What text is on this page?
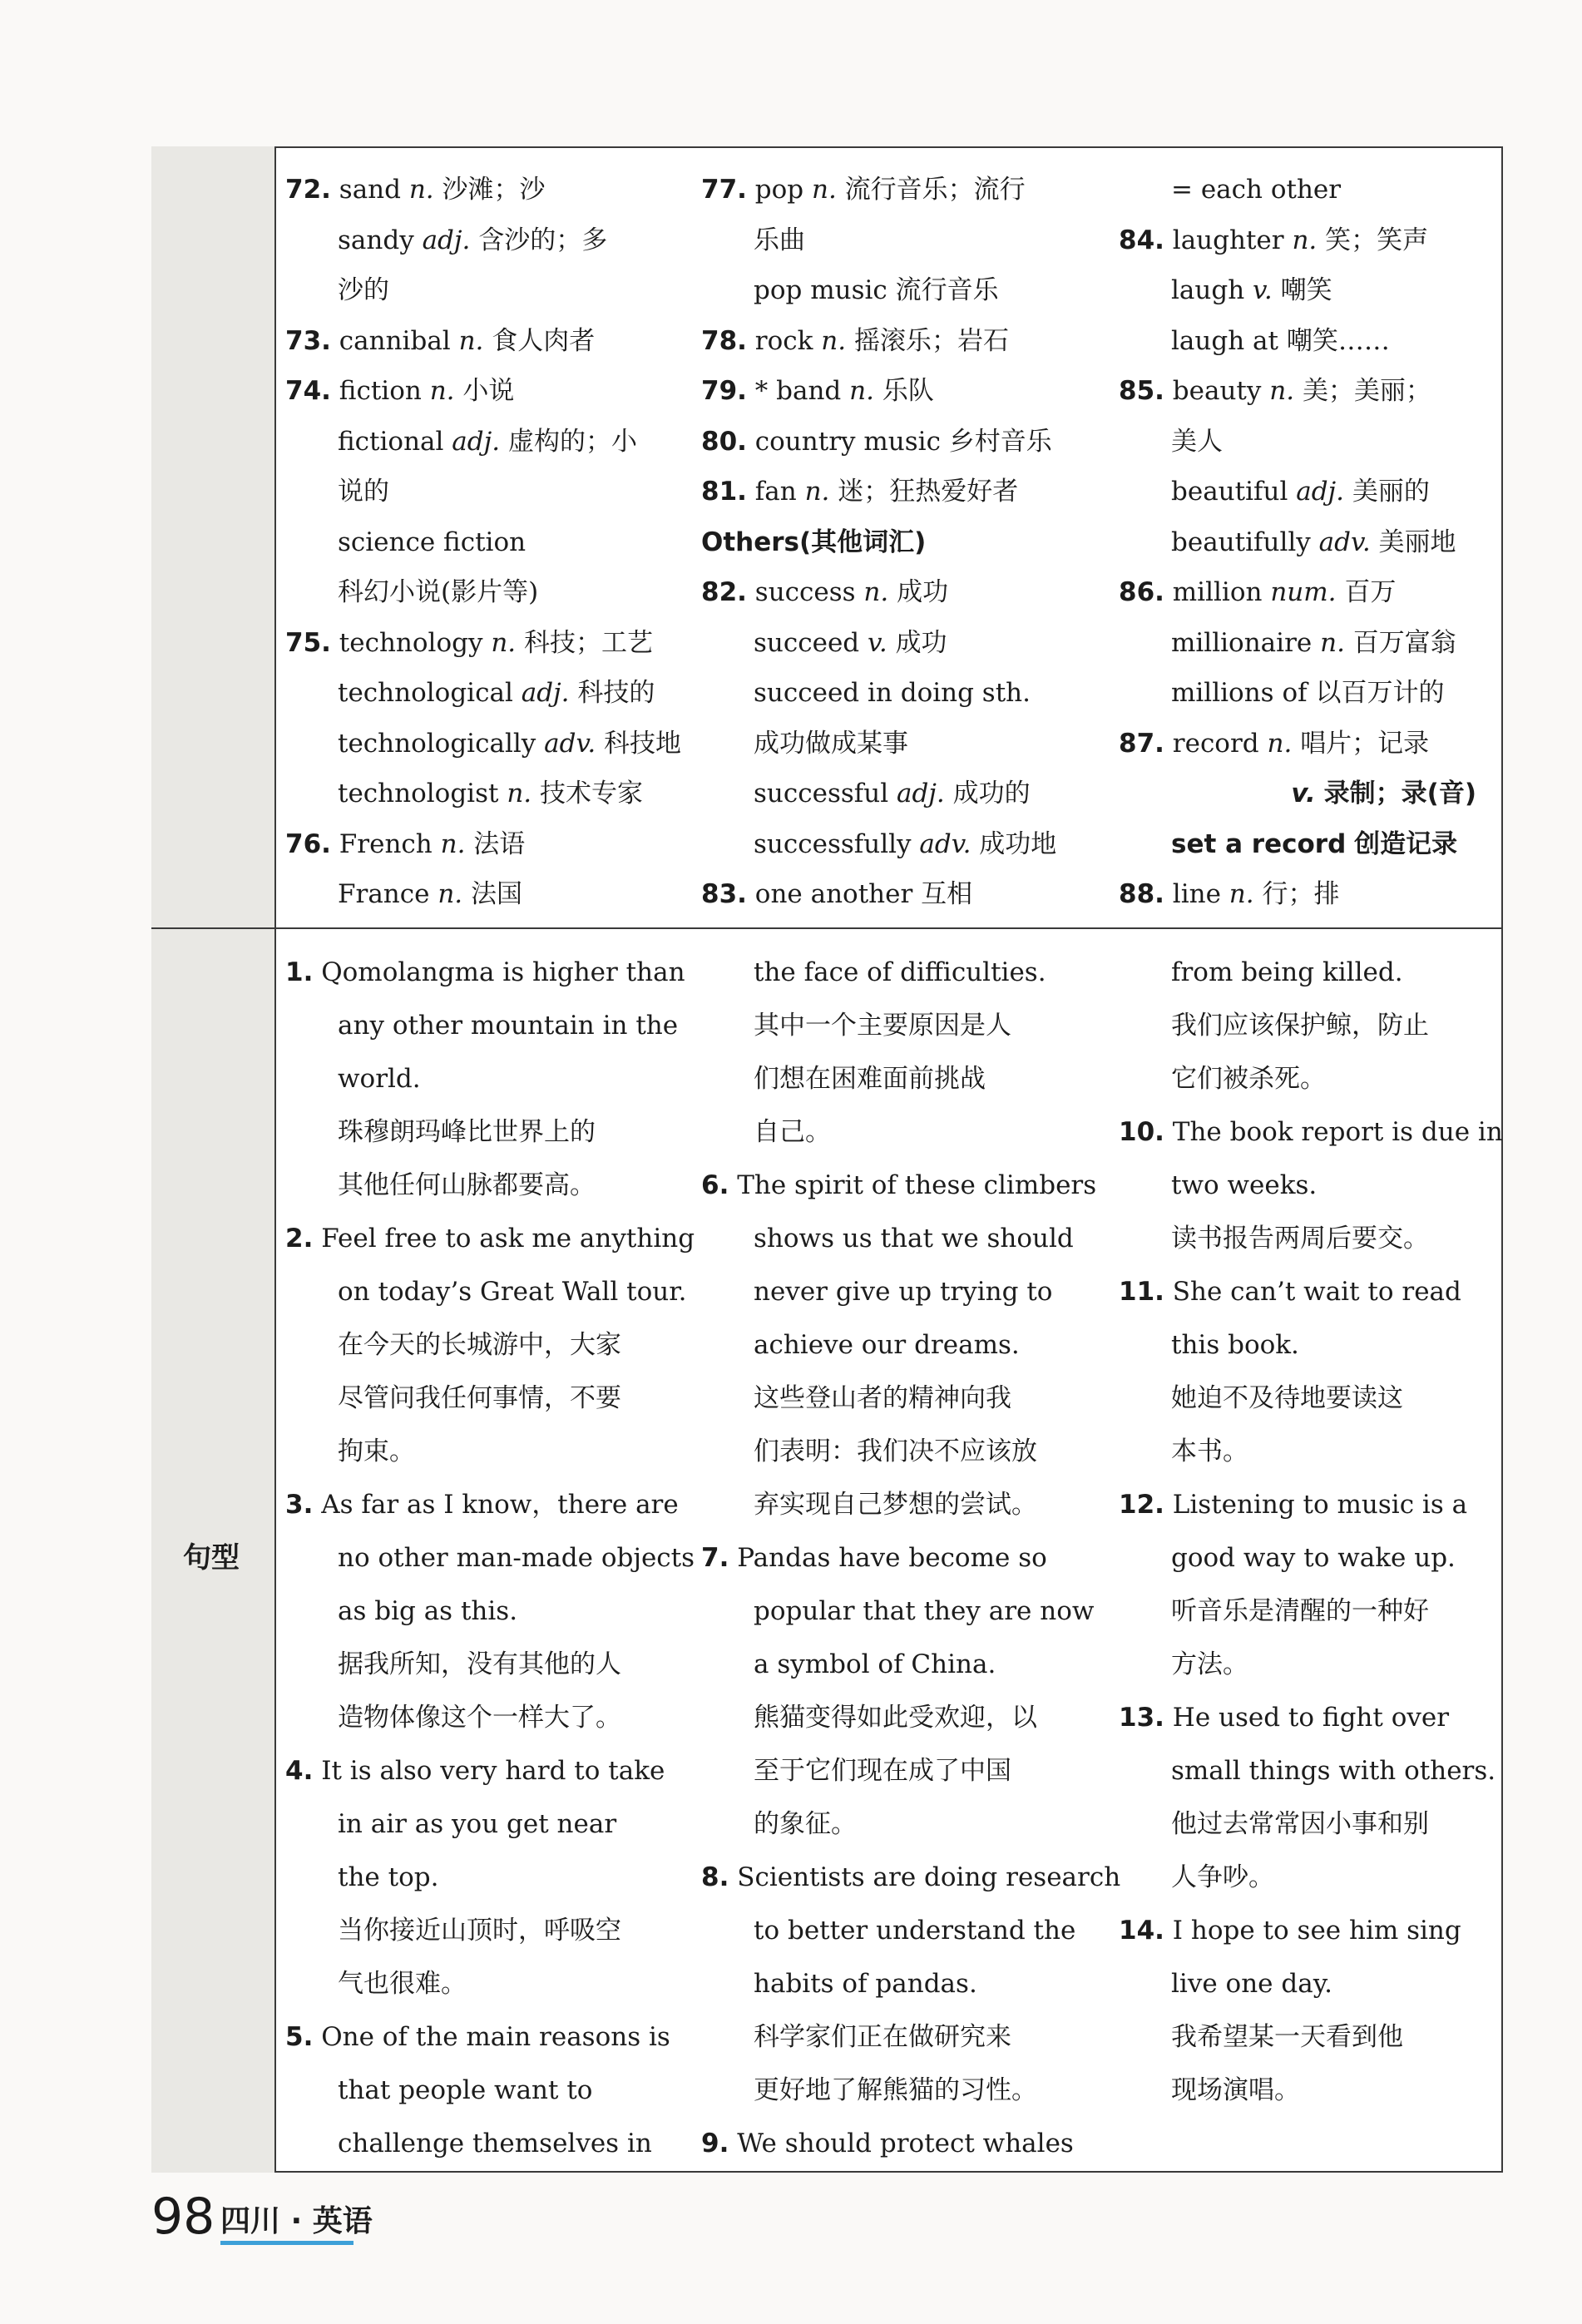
句型
72. sand n. 沙滩；沙
sandy adj. 含沙的；多
沙的
73. cannibal n. 食人肉者
74. fiction n. 小说
fictional adj. 虚构的；小
说的
science fiction
科幻小说(影片等)
75. technology n. 科技；工艺
technological adj. 科技的
technologically adv. 科技地
technologist n. 技术专家
76. French n. 法语
France n. 法国
77. pop n. 流行音乐；流行
乐曲
pop music 流行音乐
78. rock n. 摇滚乐；岩石
79. * band n. 乐队
80. country music 乡村音乐
81. fan n. 迷；狂热爱好者
Others(其他词汇)
82. success n. 成功
succeed v. 成功
succeed in doing sth.
成功做成某事
successful adj. 成功的
successfully adv. 成功地
83. one another 互相
= each other
84. laughter n. 笑；笑声
laugh v. 嘲笑
laugh at 嘲笑……
85. beauty n. 美；美丽；
美人
beautiful adj. 美丽的
beautifully adv. 美丽地
86. million num. 百万
millionaire n. 百万富翁
millions of 以百万计的
87. record n. 唱片；记录
v. 录制；录(音)
set a record 创造记录
88. line n. 行；排
1. Qomolangma is higher than
any other mountain in the
world.
珠穆朗玛峰比世界上的
其他任何山脉都要高。
2. Feel free to ask me anything
on today’s Great Wall tour.
在今天的长城游中，大家
尽管问我任何事情，不要
拘束。
3. As far as I know，there are
no other man-made objects
as big as this.
据我所知，没有其他的人
造物体像这个一样大了。
4. It is also very hard to take
in air as you get near
the top.
当你接近山顶时，呼吸空
气也很难。
5. One of the main reasons is
that people want to
challenge themselves in
the face of difficulties.
其中一个主要原因是人
们想在困难面前挑战
自己。
6. The spirit of these climbers
shows us that we should
never give up trying to
achieve our dreams.
这些登山者的精神向我
们表明：我们决不应该放
弃实现自己梦想的尝试。
7. Pandas have become so
popular that they are now
a symbol of China.
熊猫变得如此受欢迎，以
至于它们现在成了中国
的象征。
8. Scientists are doing research
to better understand the
habits of pandas.
科学家们正在做研究来
更好地了解熊猫的习性。
9. We should protect whales
from being killed.
我们应该保护鲸，防止
它们被杀死。
10. The book report is due in
two weeks.
读书报告两周后要交。
11. She can’t wait to read
this book.
她迫不及待地要读这
本书。
12. Listening to music is a
good way to wake up.
听音乐是清醒的一种好
方法。
13. He used to fight over
small things with others.
他过去常常因小事和别
人争吵。
14. I hope to see him sing
live one day.
我希望某一天看到他
现场演唱。
98 四川 · 英语
